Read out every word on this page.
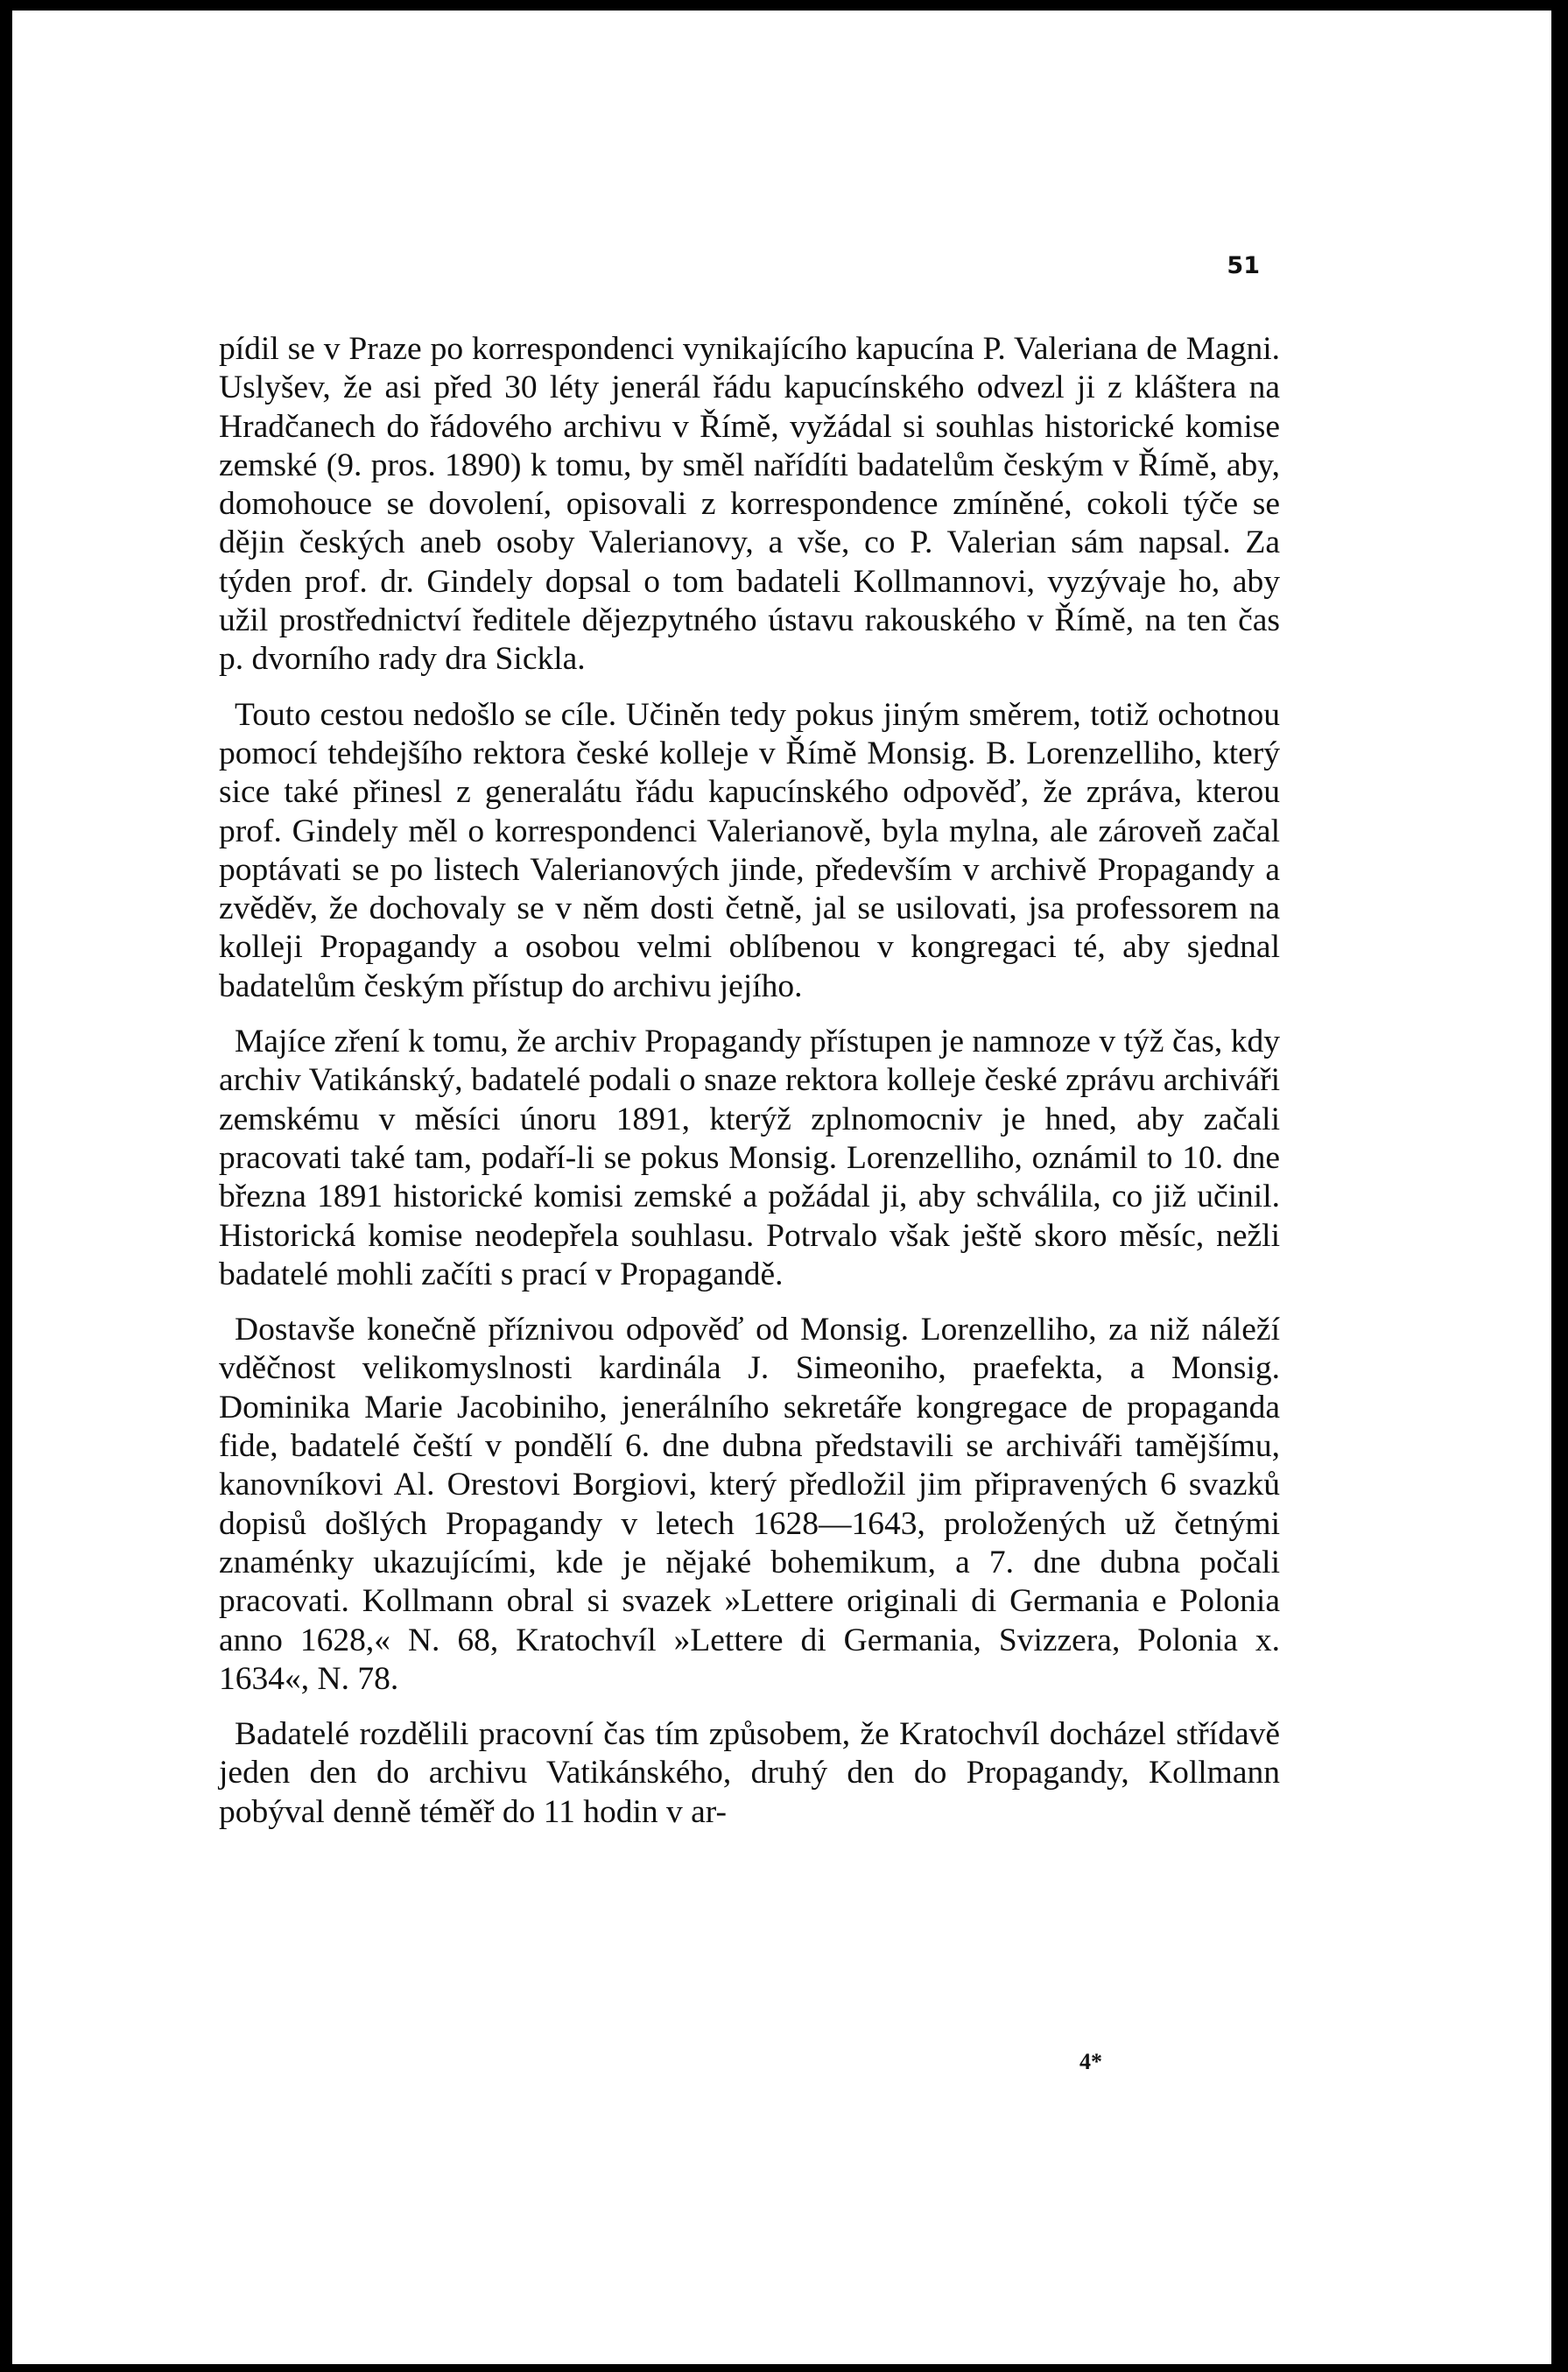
51

pídil se v Praze po korrespondenci vynikajícího kapucína P. Valeriana de Magni. Uslyšev, že asi před 30 léty jenerál řádu kapucínského odvezl ji z kláštera na Hradčanech do řádového archivu v Římě, vyžádal si souhlas historické komise zemské (9. pros. 1890) k tomu, by směl nařídíti badatelům českým v Římě, aby, domohouce se dovolení, opisovali z korrespondence zmíněné, cokoli týče se dějin českých aneb osoby Valerianovy, a vše, co P. Valerian sám napsal. Za týden prof. dr. Gindely dopsal o tom badateli Kollmannovi, vyzývaje ho, aby užil prostřednictví ředitele dějezpytného ústavu rakouského v Římě, na ten čas p. dvorního rady dra Sickla.

Touto cestou nedošlo se cíle. Učiněn tedy pokus jiným směrem, totiž ochotnou pomocí tehdejšího rektora české kolleje v Římě Monsig. B. Lorenzelliho, který sice také přinesl z generalátu řádu kapucínského odpověď, že zpráva, kterou prof. Gindely měl o korrespondenci Valerianově, byla mylna, ale zároveň začal poptávati se po listech Valerianových jinde, především v archivě Propagandy a zvěděv, že dochovaly se v něm dosti četně, jal se usilovati, jsa professorem na kolleji Propagandy a osobou velmi oblíbenou v kongregaci té, aby sjednal badatelům českým přístup do archivu jejího.

Majíce zření k tomu, že archiv Propagandy přístupen je namnoze v týž čas, kdy archiv Vatikánský, badatelé podali o snaze rektora kolleje české zprávu archiváři zemskému v měsíci únoru 1891, kterýž zplnomocniv je hned, aby začali pracovati také tam, podaří-li se pokus Monsig. Lorenzelliho, oznámil to 10. dne března 1891 historické komisi zemské a požádal ji, aby schválila, co již učinil. Historická komise neodepřela souhlasu. Potrvalo však ještě skoro měsíc, nežli badatelé mohli začíti s prací v Propagandě.

Dostavše konečně příznivou odpověď od Monsig. Lorenzelliho, za niž náleží vděčnost velikomyslnosti kardinála J. Simeoniho, praefekta, a Monsig. Dominika Marie Jacobiniho, jenerálního sekretáře kongregace de propaganda fide, badatelé čeští v pondělí 6. dne dubna představili se archiváři tamějšímu, kanovníkovi Al. Orestovi Borgiovi, který předložil jim připravených 6 svazků dopisů došlých Propagandy v letech 1628—1643, proložených už četnými znaménky ukazujícími, kde je nějaké bohemikum, a 7. dne dubna počali pracovati. Kollmann obral si svazek »Lettere originali di Germania e Polonia anno 1628,« N. 68, Kratochvíl »Lettere di Germania, Svizzera, Polonia x. 1634«, N. 78.

Badatelé rozdělili pracovní čas tím způsobem, že Kratochvíl docházel střídavě jeden den do archivu Vatikánského, druhý den do Propagandy, Kollmann pobýval denně téměř do 11 hodin v ar-

4*
